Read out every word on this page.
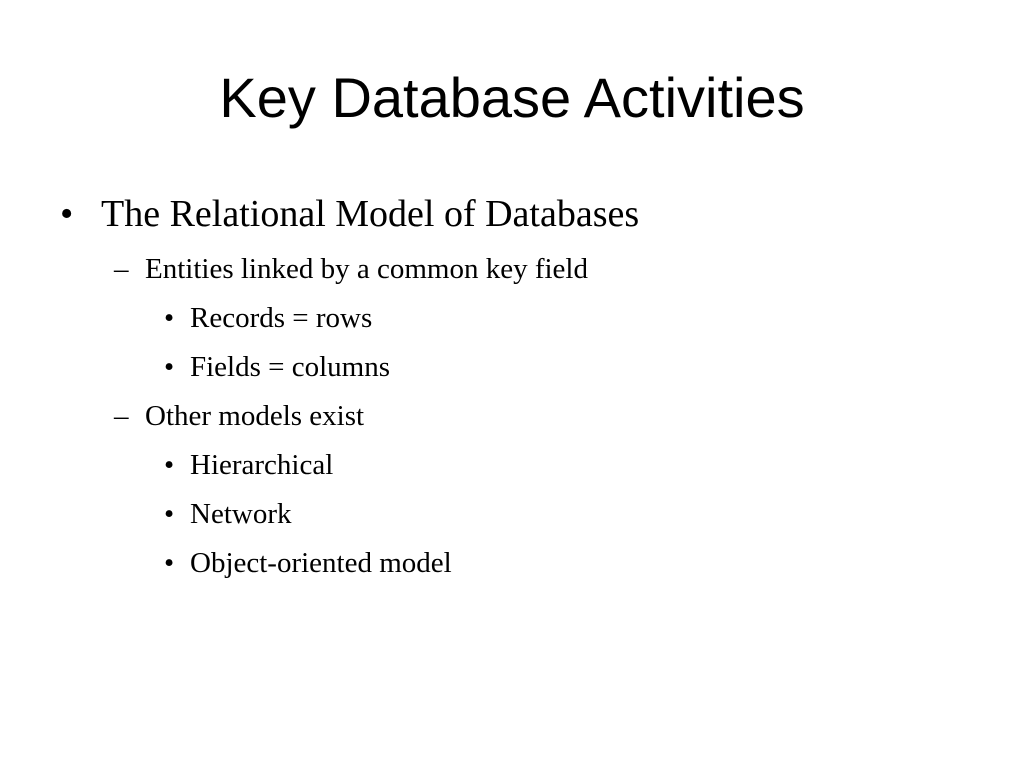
Key Database Activities
• The Relational Model of Databases
– Entities linked by a common key field
• Records = rows
• Fields = columns
– Other models exist
• Hierarchical
• Network
• Object-oriented model
